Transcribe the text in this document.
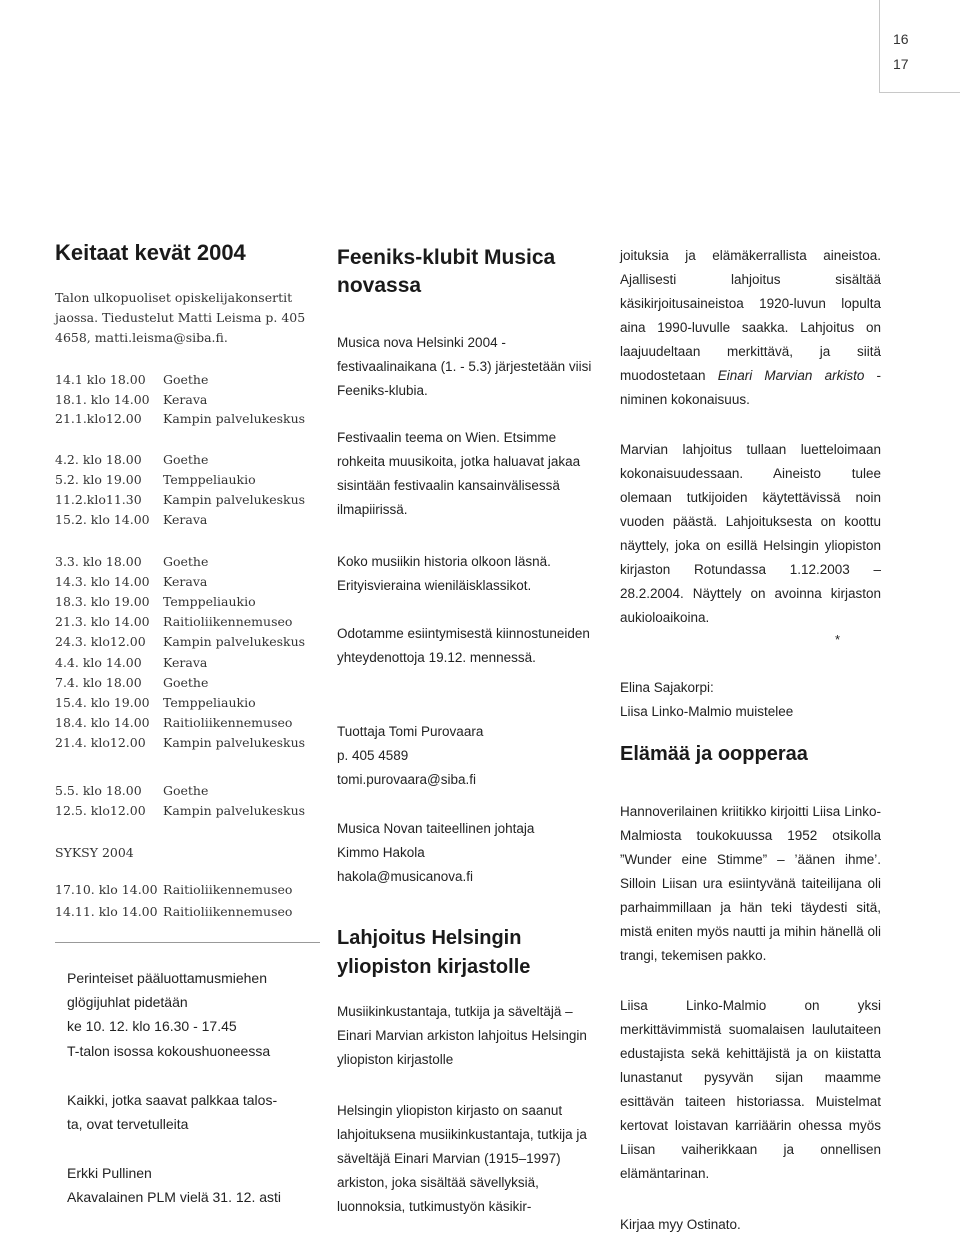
16
17
Keitaat kevät 2004

Talon ulkopuoliset opiskelijakonsertit jaossa. Tiedustelut Matti Leisma p. 405 4658, matti.leisma@siba.fi.

14.1 klo 18.00 Goethe
18.1. klo 14.00 Kerava
21.1.klo12.00 Kampin palvelukeskus
4.2. klo 18.00 Goethe
5.2. klo 19.00 Temppeliaukio
11.2.klo11.30 Kampin palvelukeskus
15.2. klo 14.00 Kerava
3.3. klo 18.00 Goethe
14.3. klo 14.00 Kerava
18.3. klo 19.00 Temppeliaukio
21.3. klo 14.00 Raitioliikennemuseo
24.3. klo12.00 Kampin palvelukeskus
4.4. klo 14.00 Kerava
7.4. klo 18.00 Goethe
15.4. klo 19.00 Temppeliaukio
18.4. klo 14.00 Raitioliikennemuseo
21.4. klo12.00 Kampin palvelukeskus
5.5. klo 18.00 Goethe
12.5. klo12.00 Kampin palvelukeskus
SYKSY 2004
17.10. klo 14.00 Raitioliikennemuseo
14.11. klo 14.00 Raitioliikennemuseo
Perinteiset pääluottamusmiehen
glögijuhlat pidetään
ke 10. 12. klo 16.30 - 17.45
T-talon isossa kokoushuoneessa
Kaikki, jotka saavat palkkaa talos-
ta, ovat tervetulleita
Erkki Pullinen
Akavalainen PLM vielä 31. 12. asti
Feeniks-klubit Musica novassa

Musica nova Helsinki 2004 -festivaalinaikana (1. - 5.3) järjestetään viisi Feeniks-klubia.

Festivaalin teema on Wien. Etsimme rohkeita muusikoita, jotka haluavat jakaa sisintään festivaalin kansainvälisessä ilmapiirissä.

Koko musiikin historia olkoon läsnä. Erityisvieraina wieniläisklassikot.

Odotamme esiintymisestä kiinnostuneiden yhteydenottoja 19.12. mennessä.

Tuottaja Tomi Purovaara

p. 405 4589

tomi.purovaara@siba.fi

Musica Novan taiteellinen johtaja

Kimmo Hakola

hakola@musicanova.fi

Lahjoitus Helsingin yliopiston kirjastolle

Musiikinkustantaja, tutkija ja säveltäjä – Einari Marvian arkiston lahjoitus Helsingin yliopiston kirjastolle

Helsingin yliopiston kirjasto on saanut lahjoituksena musiikinkustantaja, tutkija ja säveltäjä Einari Marvian (1915–1997) arkiston, joka sisältää sävellyksiä, luonnoksia, tutkimustyön käsikir-

joituksia ja elämäkerrallista aineistoa. Ajallisesti lahjoitus sisältää käsikirjoitusaineistoa 1920-luvun lopulta aina 1990-luvulle saakka. Lahjoitus on laajuudeltaan merkittävä, ja siitä muodostetaan Einari Marvian arkisto -niminen kokonaisuus.

Marvian lahjoitus tullaan luetteloimaan kokonaisuudessaan. Aineisto tulee olemaan tutkijoiden käytettävissä noin vuoden päästä. Lahjoituksesta on koottu näyttely, joka on esillä Helsingin yliopiston kirjaston Rotundassa 1.12.2003 – 28.2.2004. Näyttely on avoinna kirjaston aukioloaikoina.

*

Elina Sajakorpi:

Liisa Linko-Malmio muistelee

Elämää ja oopperaa

Hannoverilainen kriitikko kirjoitti Liisa Linko-Malmiosta toukokuussa 1952 otsikolla ”Wunder eine Stimme” – ’äänen ihme’. Silloin Liisan ura esiintyvänä taiteilijana oli parhaimmillaan ja hän teki täydesti sitä, mistä eniten myös nautti ja mihin hänellä oli trangi, tekemisen pakko.

Liisa Linko-Malmio on yksi merkittävimmistä suomalaisen laulutaiteen edustajista sekä kehittäjistä ja on kiistatta lunastanut pysyvän sijan maamme esittävän taiteen historiassa. Muistelmat kertovat loistavan karriäärin ohessa myös Liisan vaiherikkaan ja onnellisen elämäntarinan.

Kirjaa myy Ostinato.
